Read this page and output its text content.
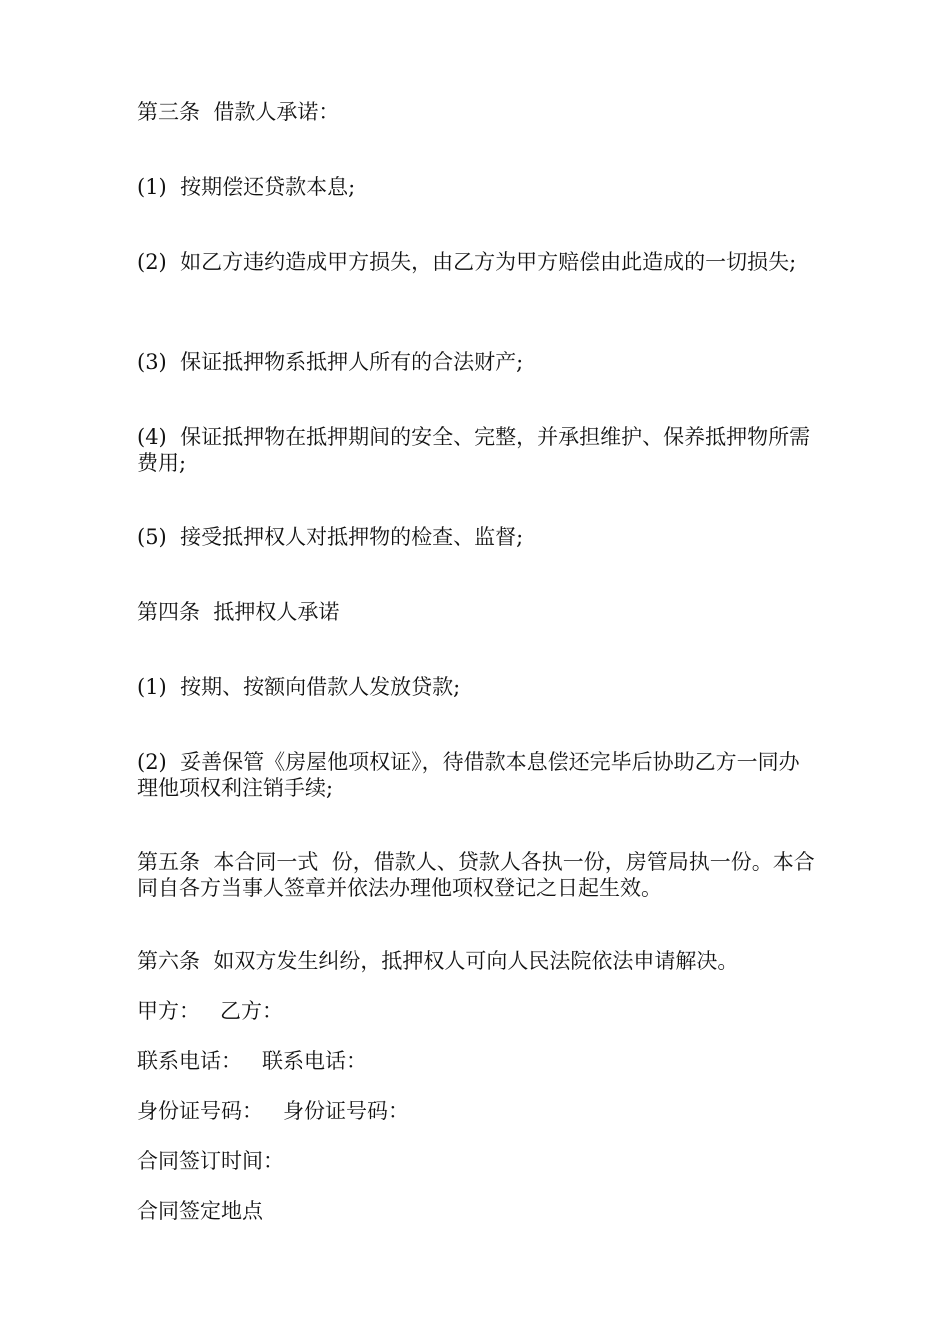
第三条  借款人承诺：

(1)  按期偿还贷款本息;

(2)  如乙方违约造成甲方损失，由乙方为甲方赔偿由此造成的一切损失;

(3)  保证抵押物系抵押人所有的合法财产;

(4)  保证抵押物在抵押期间的安全、完整，并承担维护、保养抵押物所需费用;

(5)  接受抵押权人对抵押物的检查、监督;

第四条  抵押权人承诺

(1)  按期、按额向借款人发放贷款;

(2)  妥善保管《房屋他项权证》，待借款本息偿还完毕后协助乙方一同办理他项权利注销手续;

第五条  本合同一式  份，借款人、贷款人各执一份，房管局执一份。本合同自各方当事人签章并依法办理他项权登记之日起生效。

第六条  如双方发生纠纷，抵押权人可向人民法院依法申请解决。

甲方：   乙方：

联系电话：   联系电话：

身份证号码：   身份证号码：

合同签订时间：

合同签定地点
